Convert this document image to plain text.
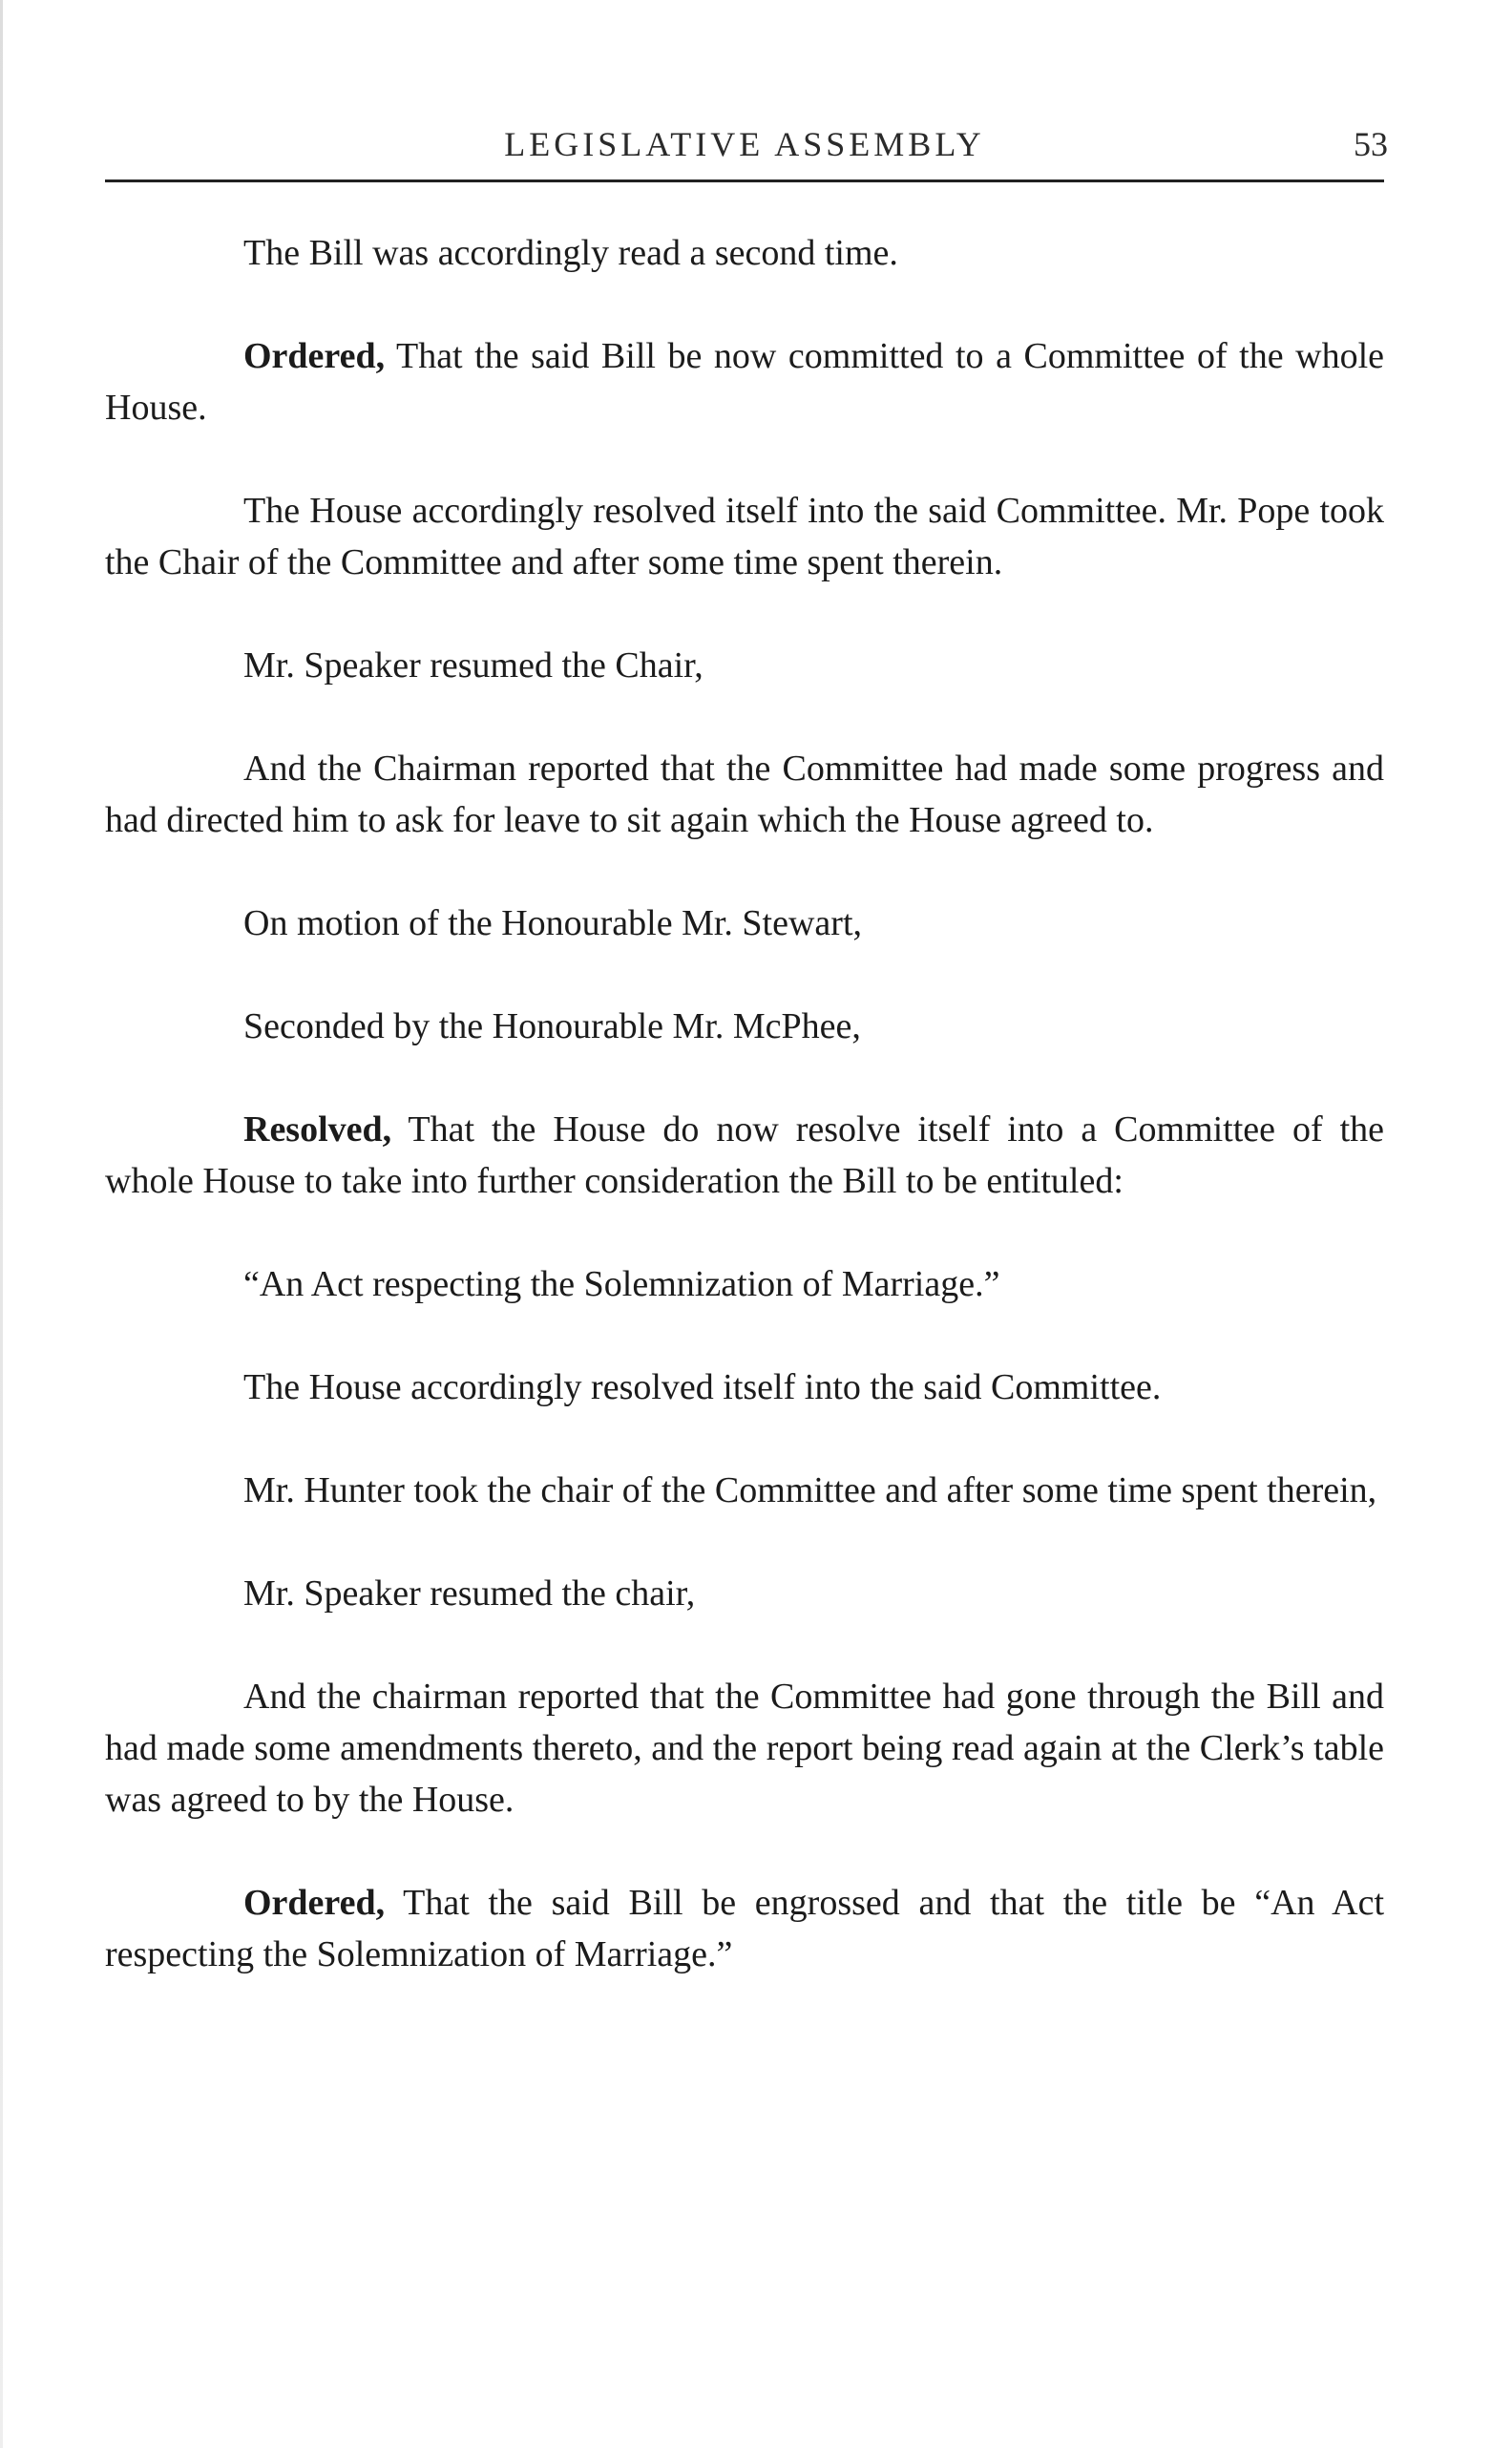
LEGISLATIVE ASSEMBLY	53

The Bill was accordingly read a second time.

Ordered, That the said Bill be now committed to a Committee of the whole House.

The House accordingly resolved itself into the said Committee. Mr. Pope took the Chair of the Committee and after some time spent therein.

Mr. Speaker resumed the Chair,

And the Chairman reported that the Committee had made some progress and had directed him to ask for leave to sit again which the House agreed to.

On motion of the Honourable Mr. Stewart,

Seconded by the Honourable Mr. McPhee,

Resolved, That the House do now resolve itself into a Committee of the whole House to take into further consideration the Bill to be entituled:

“An Act respecting the Solemnization of Marriage.”

The House accordingly resolved itself into the said Committee.

Mr. Hunter took the chair of the Committee and after some time spent therein,

Mr. Speaker resumed the chair,

And the chairman reported that the Committee had gone through the Bill and had made some amendments thereto, and the report being read again at the Clerk’s table was agreed to by the House.

Ordered, That the said Bill be engrossed and that the title be “An Act respecting the Solemnization of Marriage.”
